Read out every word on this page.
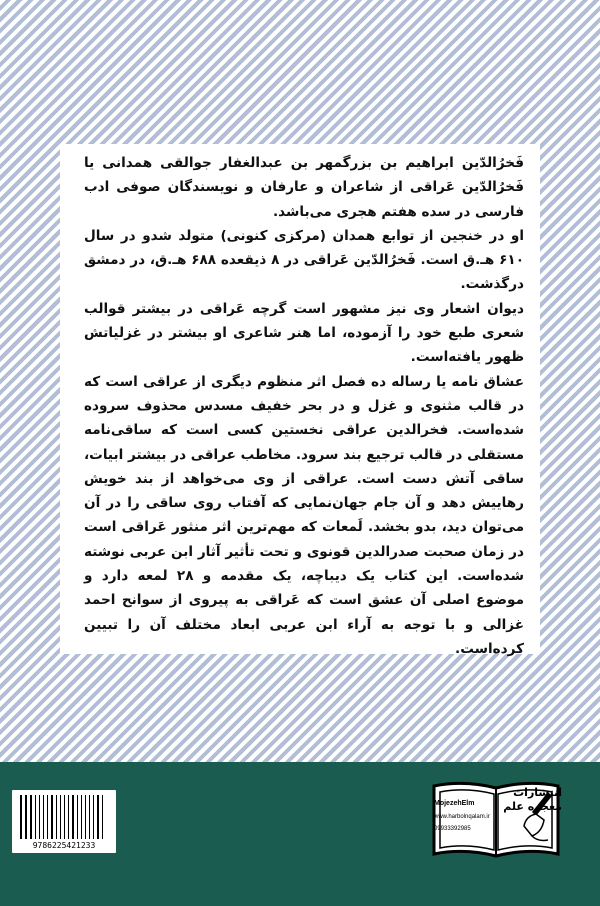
فَخرُالدّین ابراهیم بن بزرگمهر بن عبدالغفار جوالقی همدانی یا فَخرُالدّین عَراقی از شاعران و عارفان و نویسندگان صوفی ادب فارسی در سده هفتم هجری می‌باشد.

او در خنجین از توابع همدان (مرکزی کنونی) متولد شدو در سال ۶۱۰ هـ.ق است. فَخرُالدّین عَراقی در ۸ ذیقعده ۶۸۸ هـ.ق، در دمشق درگذشت.

دیوان اشعار وی نیز مشهور است گرچه عَراقی در بیشتر قوالب شعری طبع خود را آزموده، اما هنر شاعری او بیشتر در غزلیاتش ظهور یافته‌است.

عشاق نامه یا رساله ده فصل اثر منظوم دیگری از عراقی است که در قالب مثنوی و غزل و در بحر خفیف مسدس محذوف سروده شده‌است. فخرالدین عراقی نخستین کسی است که ساقی‌نامه مستقلی در قالب ترجیع بند سرود. مخاطب عراقی در بیشتر ابیات، ساقی آتش دست است. عراقی از وی می‌خواهد از بند خویش رهاییش دهد و آن جام جهان‌نمایی که آفتاب روی ساقی را در آن می‌توان دید، بدو بخشد. لَمعات که مهم‌ترین اثر منثور عَراقی است در زمان صحبت صدرالدین قونوی و تحت تأثیر آثار ابن عربی نوشته شده‌است. این کتاب یک دیباچه، یک مقدمه و ۲۸ لمعه دارد و موضوع اصلی آن عشق است که عَراقی به پیروی از سوانح احمد غزالی و با توجه به آراء ابن عربی ابعاد مختلف آن را تبیین کرده‌است.

9786225421233
انتشارات
معجزه علم
MojezehElm
www.harbolnqalam.ir
09933392985
